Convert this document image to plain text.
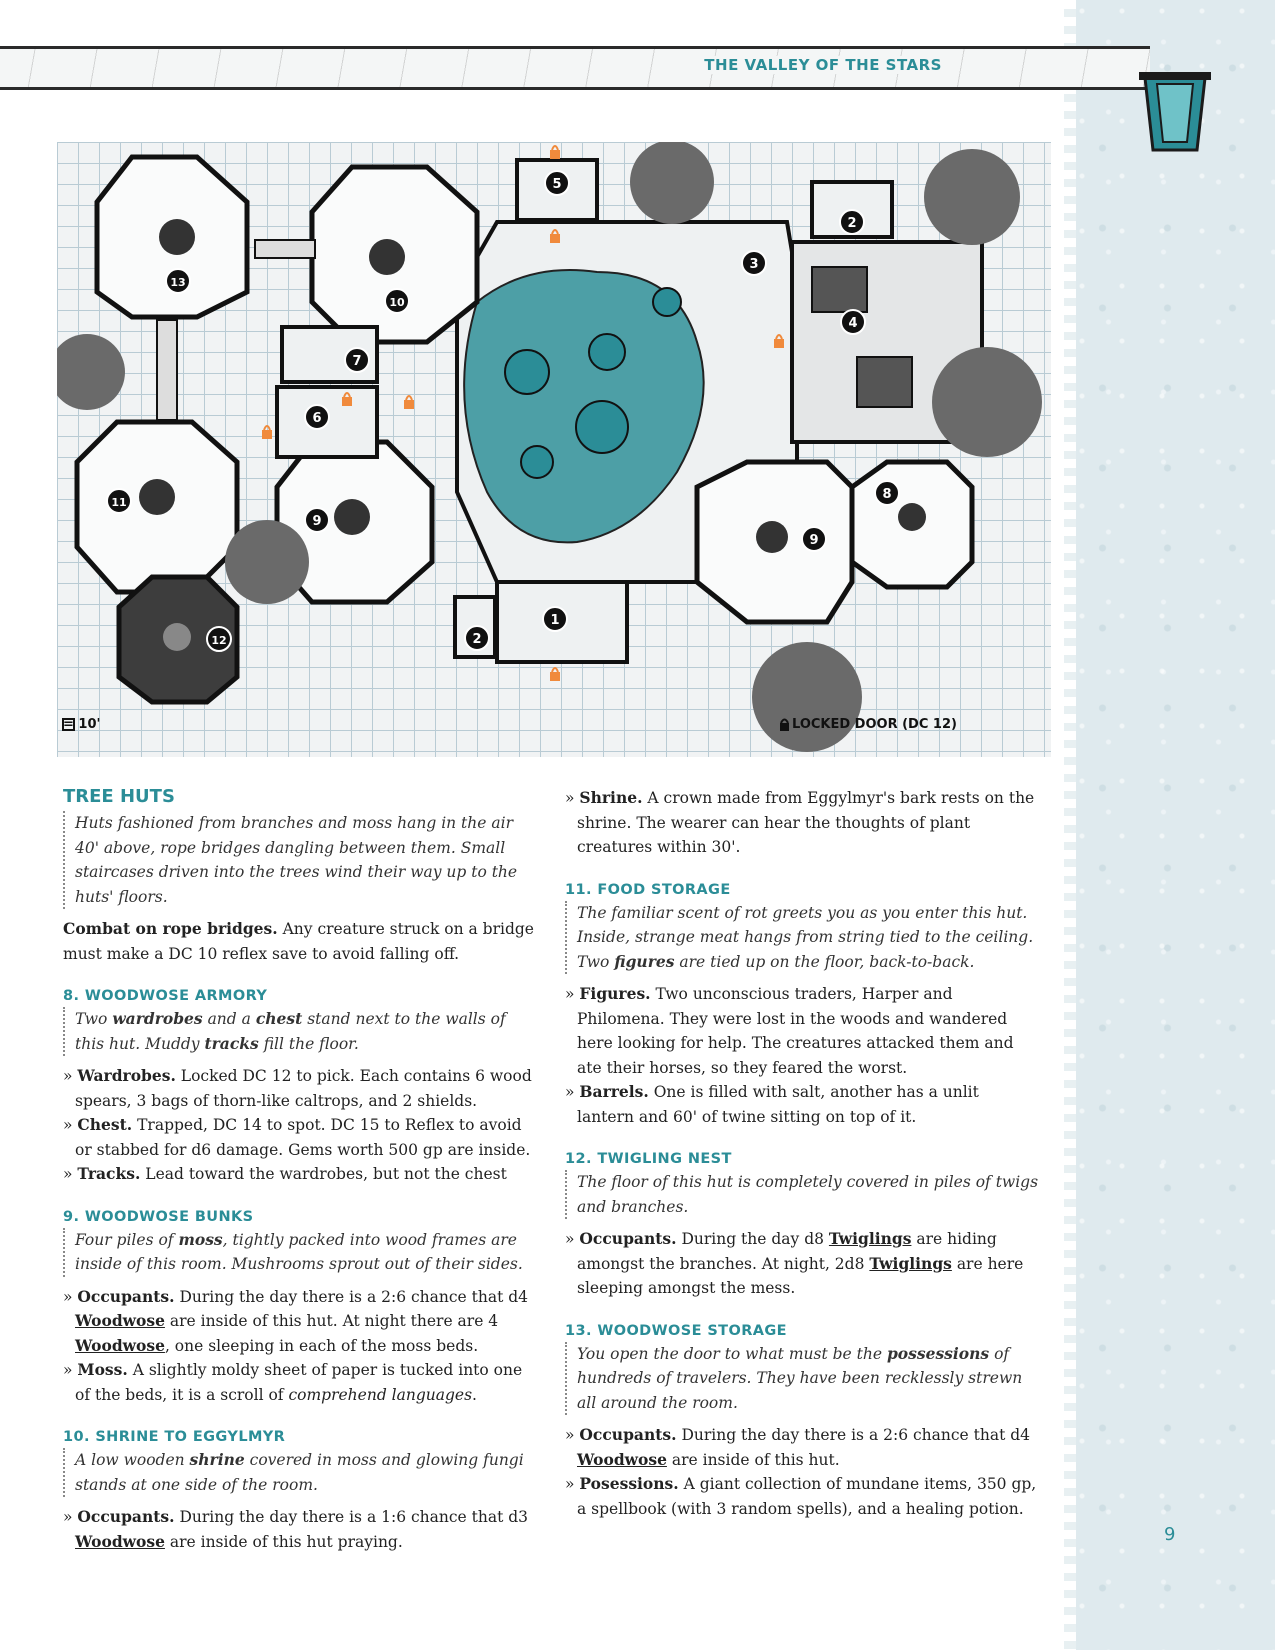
THE VALLEY OF THE STARS
1
2
2
3
4
5
6
7
8
9
9
10
11
12
13
= 10'	LOCKED DOOR (DC 12)
TREE HUTS
Huts fashioned from branches and moss hang in the air 40' above, rope bridges dangling between them. Small staircases driven into the trees wind their way up to the huts' floors.
Combat on rope bridges. Any creature struck on a bridge must make a DC 10 reflex save to avoid falling off.
8. WOODWOSE ARMORY
Two wardrobes and a chest stand next to the walls of this hut. Muddy tracks fill the floor.
» Wardrobes. Locked DC 12 to pick. Each contains 6 wood spears, 3 bags of thorn-like caltrops, and 2 shields.
» Chest. Trapped, DC 14 to spot. DC 15 to Reflex to avoid or stabbed for d6 damage. Gems worth 500 gp are inside.
» Tracks. Lead toward the wardrobes, but not the chest
9. WOODWOSE BUNKS
Four piles of moss, tightly packed into wood frames are inside of this room. Mushrooms sprout out of their sides.
» Occupants. During the day there is a 2:6 chance that d4 Woodwose are inside of this hut. At night there are 4 Woodwose, one sleeping in each of the moss beds.
» Moss. A slightly moldy sheet of paper is tucked into one of the beds, it is a scroll of comprehend languages.
10. SHRINE TO EGGYLMYR
A low wooden shrine covered in moss and glowing fungi stands at one side of the room.
» Occupants. During the day there is a 1:6 chance that d3 Woodwose are inside of this hut praying.
» Shrine. A crown made from Eggylmyr's bark rests on the shrine. The wearer can hear the thoughts of plant creatures within 30'.
11. FOOD STORAGE
The familiar scent of rot greets you as you enter this hut. Inside, strange meat hangs from string tied to the ceiling. Two figures are tied up on the floor, back-to-back.
» Figures. Two unconscious traders, Harper and Philomena. They were lost in the woods and wandered here looking for help. The creatures attacked them and ate their horses, so they feared the worst.
» Barrels. One is filled with salt, another has a unlit lantern and 60' of twine sitting on top of it.
12. TWIGLING NEST
The floor of this hut is completely covered in piles of twigs and branches.
» Occupants. During the day d8 Twiglings are hiding amongst the branches. At night, 2d8 Twiglings are here sleeping amongst the mess.
13. WOODWOSE STORAGE
You open the door to what must be the possessions of hundreds of travelers. They have been recklessly strewn all around the room.
» Occupants. During the day there is a 2:6 chance that d4 Woodwose are inside of this hut.
» Posessions. A giant collection of mundane items, 350 gp, a spellbook (with 3 random spells), and a healing potion.
9
